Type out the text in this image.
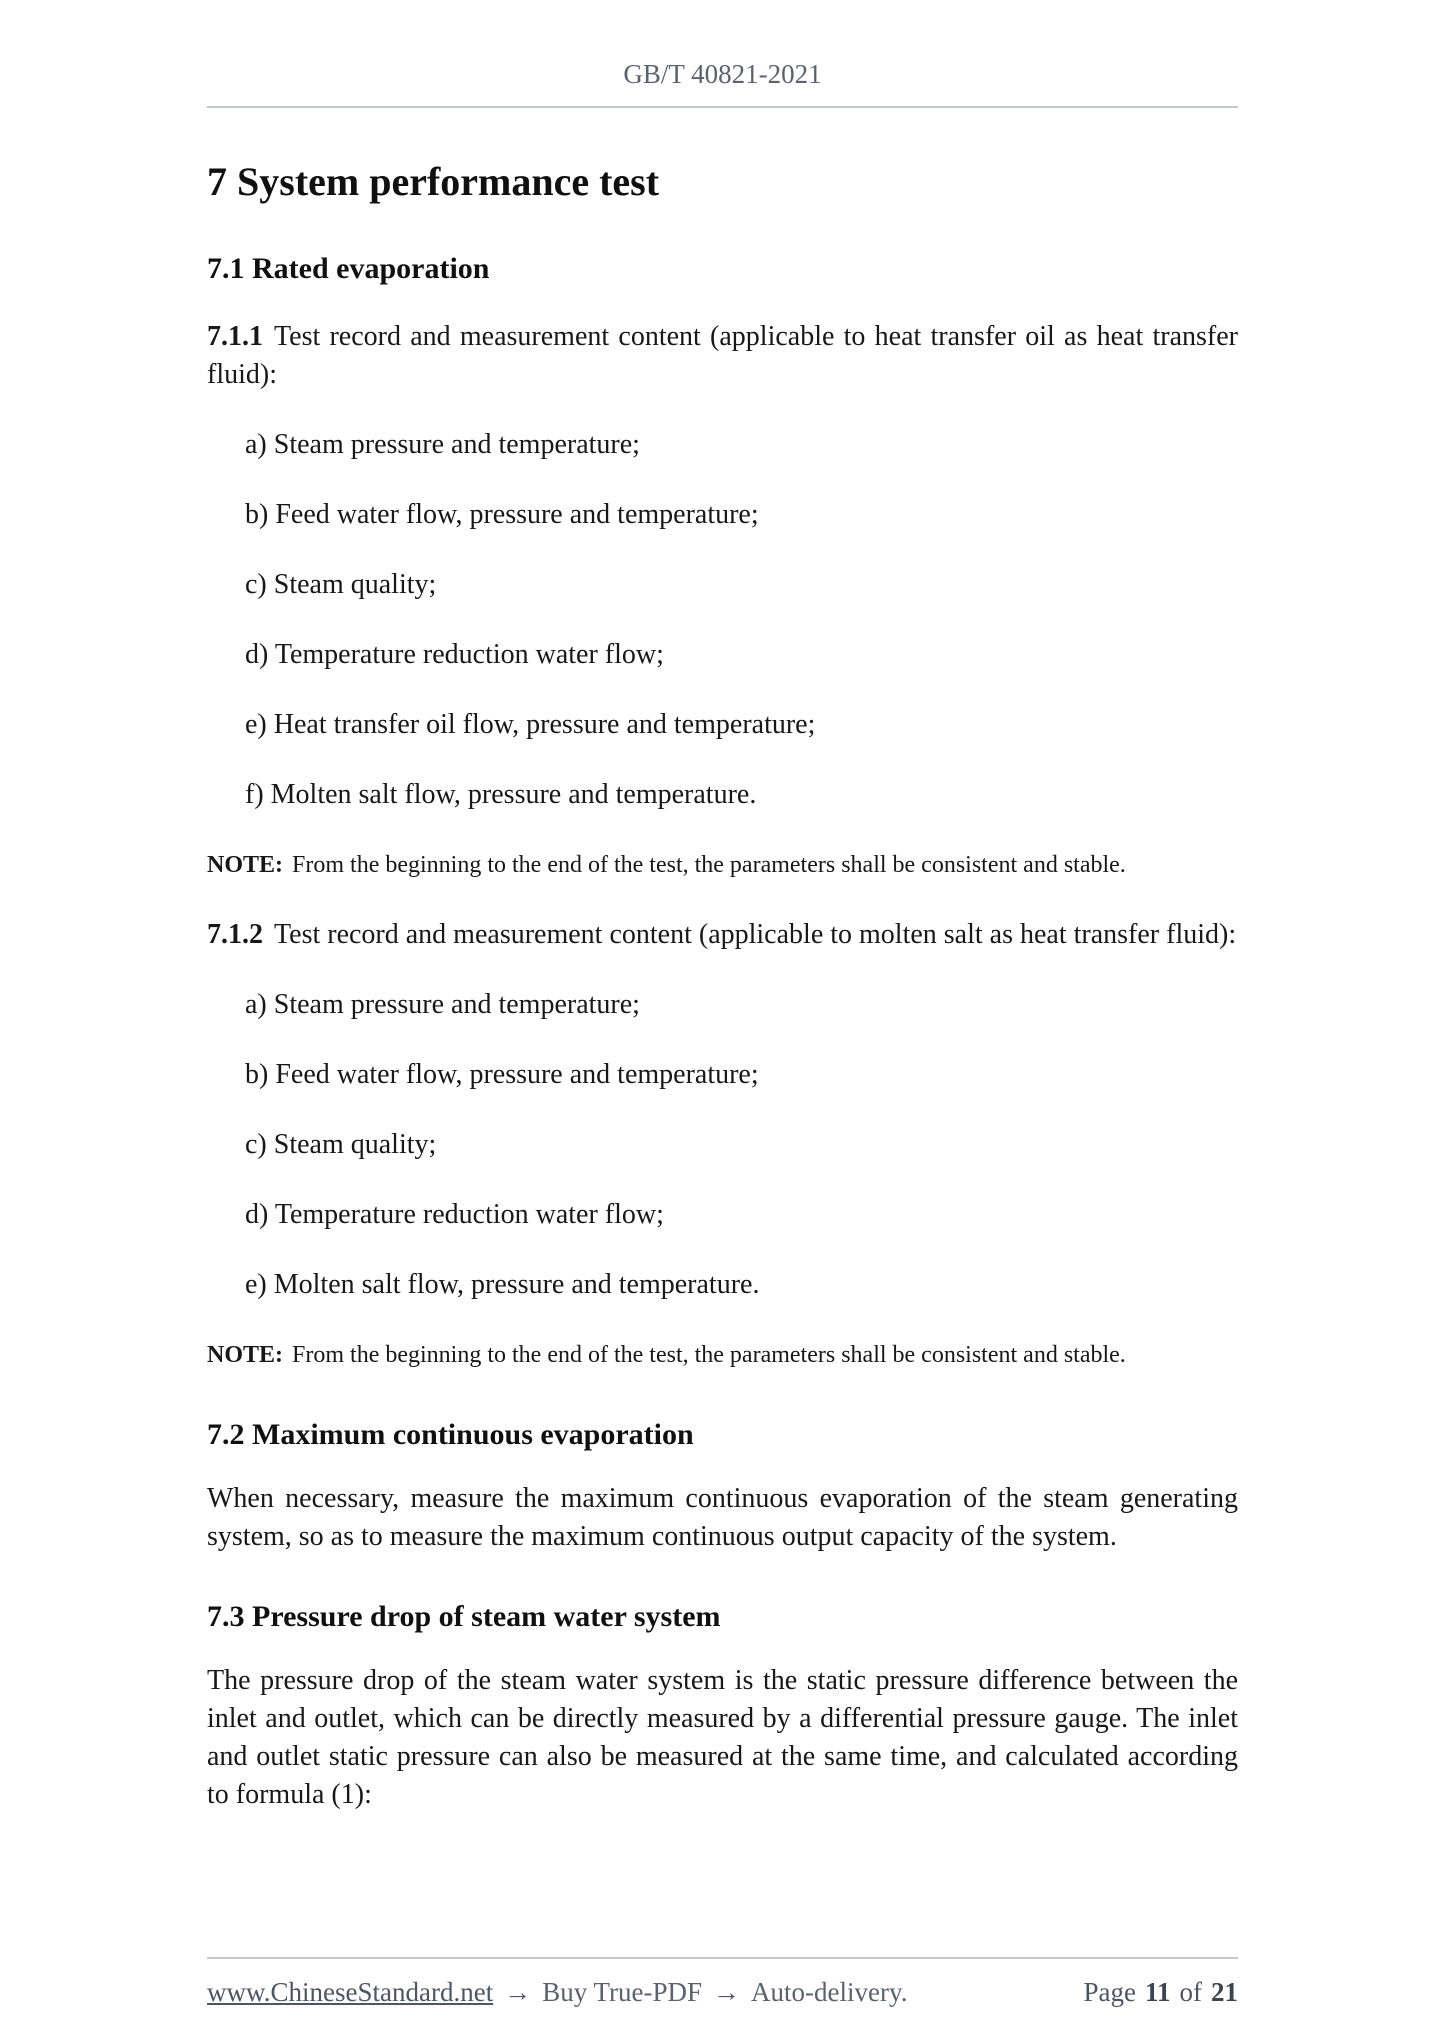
GB/T 40821-2021
7 System performance test
7.1 Rated evaporation

7.1.1 Test record and measurement content (applicable to heat transfer oil as heat transfer fluid):

a) Steam pressure and temperature;

b) Feed water flow, pressure and temperature;

c) Steam quality;

d) Temperature reduction water flow;

e) Heat transfer oil flow, pressure and temperature;

f) Molten salt flow, pressure and temperature.

NOTE: From the beginning to the end of the test, the parameters shall be consistent and stable.

7.1.2 Test record and measurement content (applicable to molten salt as heat transfer fluid):

a) Steam pressure and temperature;

b) Feed water flow, pressure and temperature;

c) Steam quality;

d) Temperature reduction water flow;

e) Molten salt flow, pressure and temperature.

NOTE: From the beginning to the end of the test, the parameters shall be consistent and stable.

7.2 Maximum continuous evaporation

When necessary, measure the maximum continuous evaporation of the steam generating system, so as to measure the maximum continuous output capacity of the system.

7.3 Pressure drop of steam water system

The pressure drop of the steam water system is the static pressure difference between the inlet and outlet, which can be directly measured by a differential pressure gauge. The inlet and outlet static pressure can also be measured at the same time, and calculated according to formula (1):

www.ChineseStandard.net → Buy True-PDF → Auto-delivery.	Page 11 of 21
